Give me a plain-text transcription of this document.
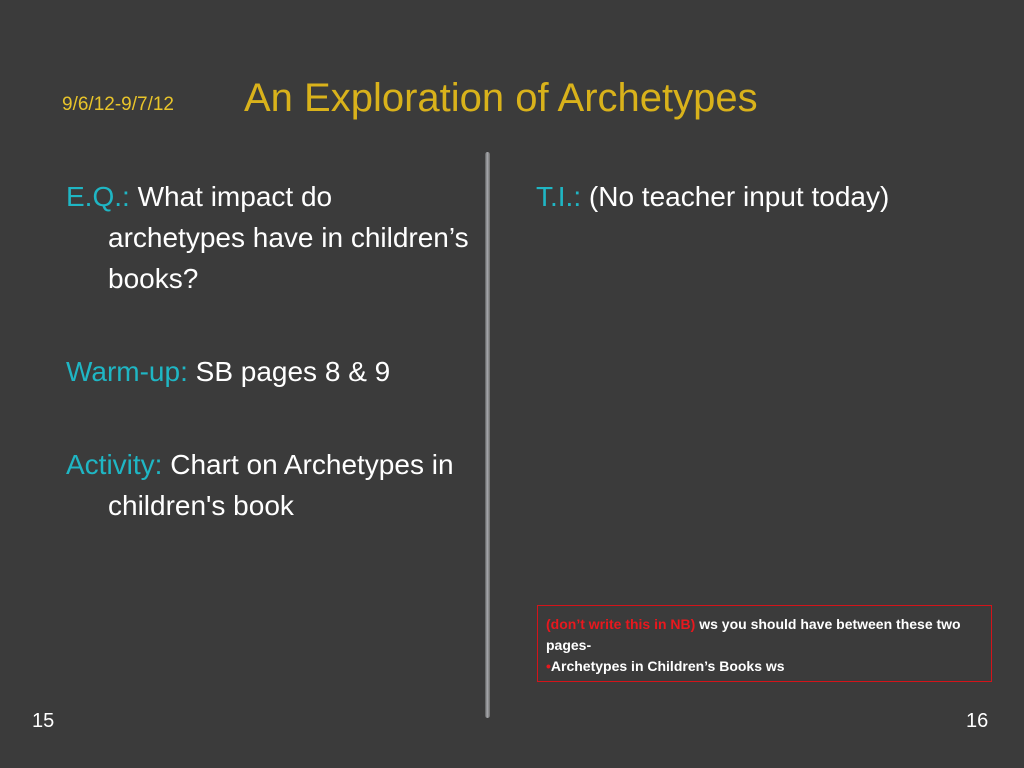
9/6/12-9/7/12 An Exploration of Archetypes

E.Q.: What impact do archetypes have in children’s books?

Warm-up: SB pages 8 & 9

Activity: Chart on Archetypes in children's book

T.I.: (No teacher input today)

(don’t write this in NB) ws you should have between these two pages-
•Archetypes in Children’s Books ws
15	16
